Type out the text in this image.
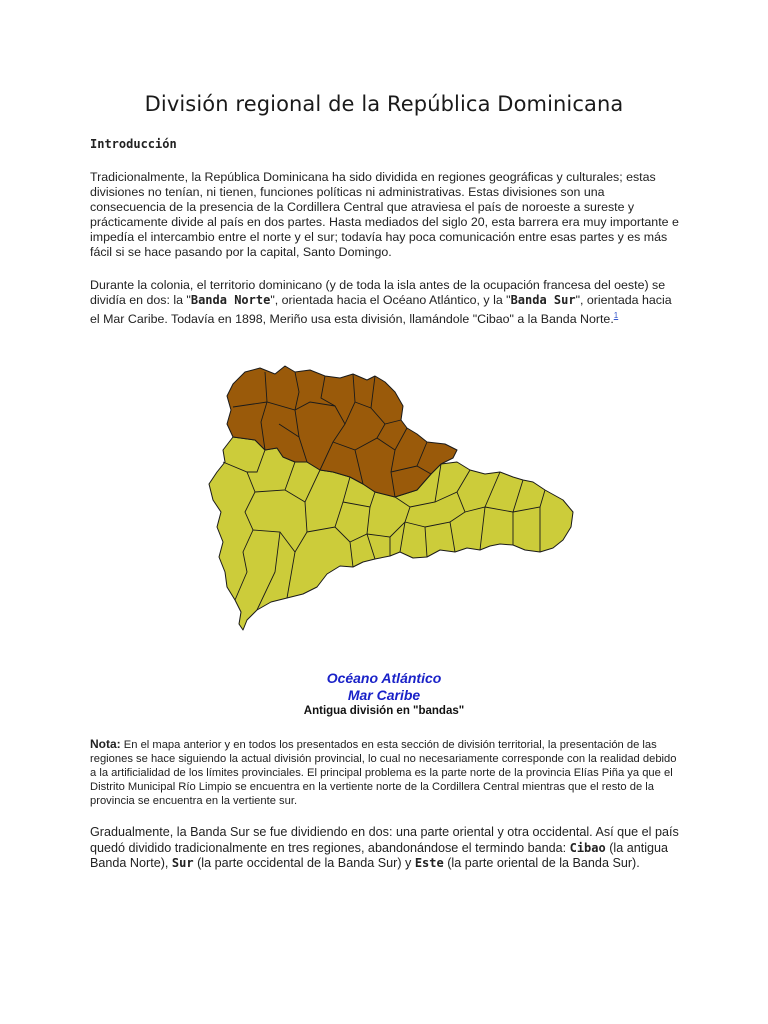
División regional de la República Dominicana
Introducción

Tradicionalmente, la República Dominicana ha sido dividida en regiones geográficas y culturales; estas divisiones no tenían, ni tienen, funciones políticas ni administrativas. Estas divisiones son una consecuencia de la presencia de la Cordillera Central que atraviesa el país de noroeste a sureste y prácticamente divide al país en dos partes. Hasta mediados del siglo 20, esta barrera era muy importante e impedía el intercambio entre el norte y el sur; todavía hay poca comunicación entre esas partes y es más fácil si se hace pasando por la capital, Santo Domingo.

Durante la colonia, el territorio dominicano (y de toda la isla antes de la ocupación francesa del oeste) se dividía en dos: la "Banda Norte", orientada hacia el Océano Atlántico, y la "Banda Sur", orientada hacia el Mar Caribe. Todavía en 1898, Meriño usa esta división, llamándole "Cibao" a la Banda Norte.$^1$

Océano Atlántico
Mar Caribe
Antigua división en "bandas"

Nota: En el mapa anterior y en todos los presentados en esta sección de división territorial, la presentación de las regiones se hace siguiendo la actual división provincial, lo cual no necesariamente corresponde con la realidad debido a la artificialidad de los límites provinciales. El principal problema es la parte norte de la provincia Elías Piña ya que el Distrito Municipal Río Limpio se encuentra en la vertiente norte de la Cordillera Central mientras que el resto de la provincia se encuentra en la vertiente sur.

Gradualmente, la Banda Sur se fue dividiendo en dos: una parte oriental y otra occidental. Así que el país quedó dividido tradicionalmente en tres regiones, abandonándose el termindo banda: Cibao (la antigua Banda Norte), Sur (la parte occidental de la Banda Sur) y Este (la parte oriental de la Banda Sur).
